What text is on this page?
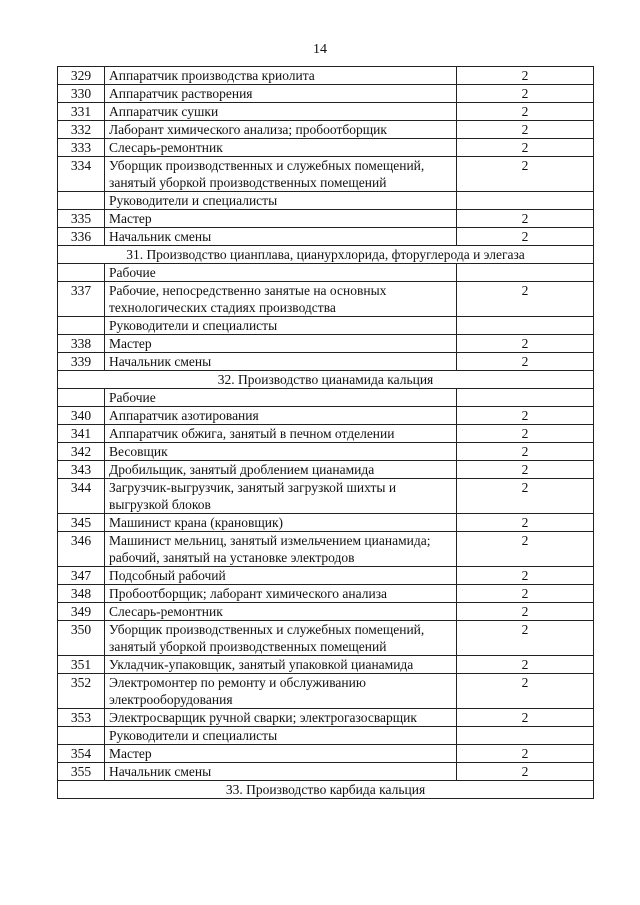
14
329	Аппаратчик производства криолита	2
330	Аппаратчик растворения	2
331	Аппаратчик сушки	2
332	Лаборант химического анализа; пробоотборщик	2
333	Слесарь-ремонтник	2
334	Уборщик производственных и служебных помещений, занятый уборкой производственных помещений	2
	Руководители и специалисты	
335	Мастер	2
336	Начальник смены	2
31. Производство цианплава, цианурхлорида, фторуглерода и элегаза		
	Рабочие	
337	Рабочие, непосредственно занятые на основных технологических стадиях производства	2
	Руководители и специалисты	
338	Мастер	2
339	Начальник смены	2
32. Производство цианамида кальция		
	Рабочие	
340	Аппаратчик азотирования	2
341	Аппаратчик обжига, занятый в печном отделении	2
342	Весовщик	2
343	Дробильщик, занятый дроблением цианамида	2
344	Загрузчик-выгрузчик, занятый загрузкой шихты и выгрузкой блоков	2
345	Машинист крана (крановщик)	2
346	Машинист мельниц, занятый измельчением цианамида; рабочий, занятый на установке электродов	2
347	Подсобный рабочий	2
348	Пробоотборщик; лаборант химического анализа	2
349	Слесарь-ремонтник	2
350	Уборщик производственных и служебных помещений, занятый уборкой производственных помещений	2
351	Укладчик-упаковщик, занятый упаковкой цианамида	2
352	Электромонтер по ремонту и обслуживанию электрооборудования	2
353	Электросварщик ручной сварки; электрогазосварщик	2
	Руководители и специалисты	
354	Мастер	2
355	Начальник смены	2
33. Производство карбида кальция		
